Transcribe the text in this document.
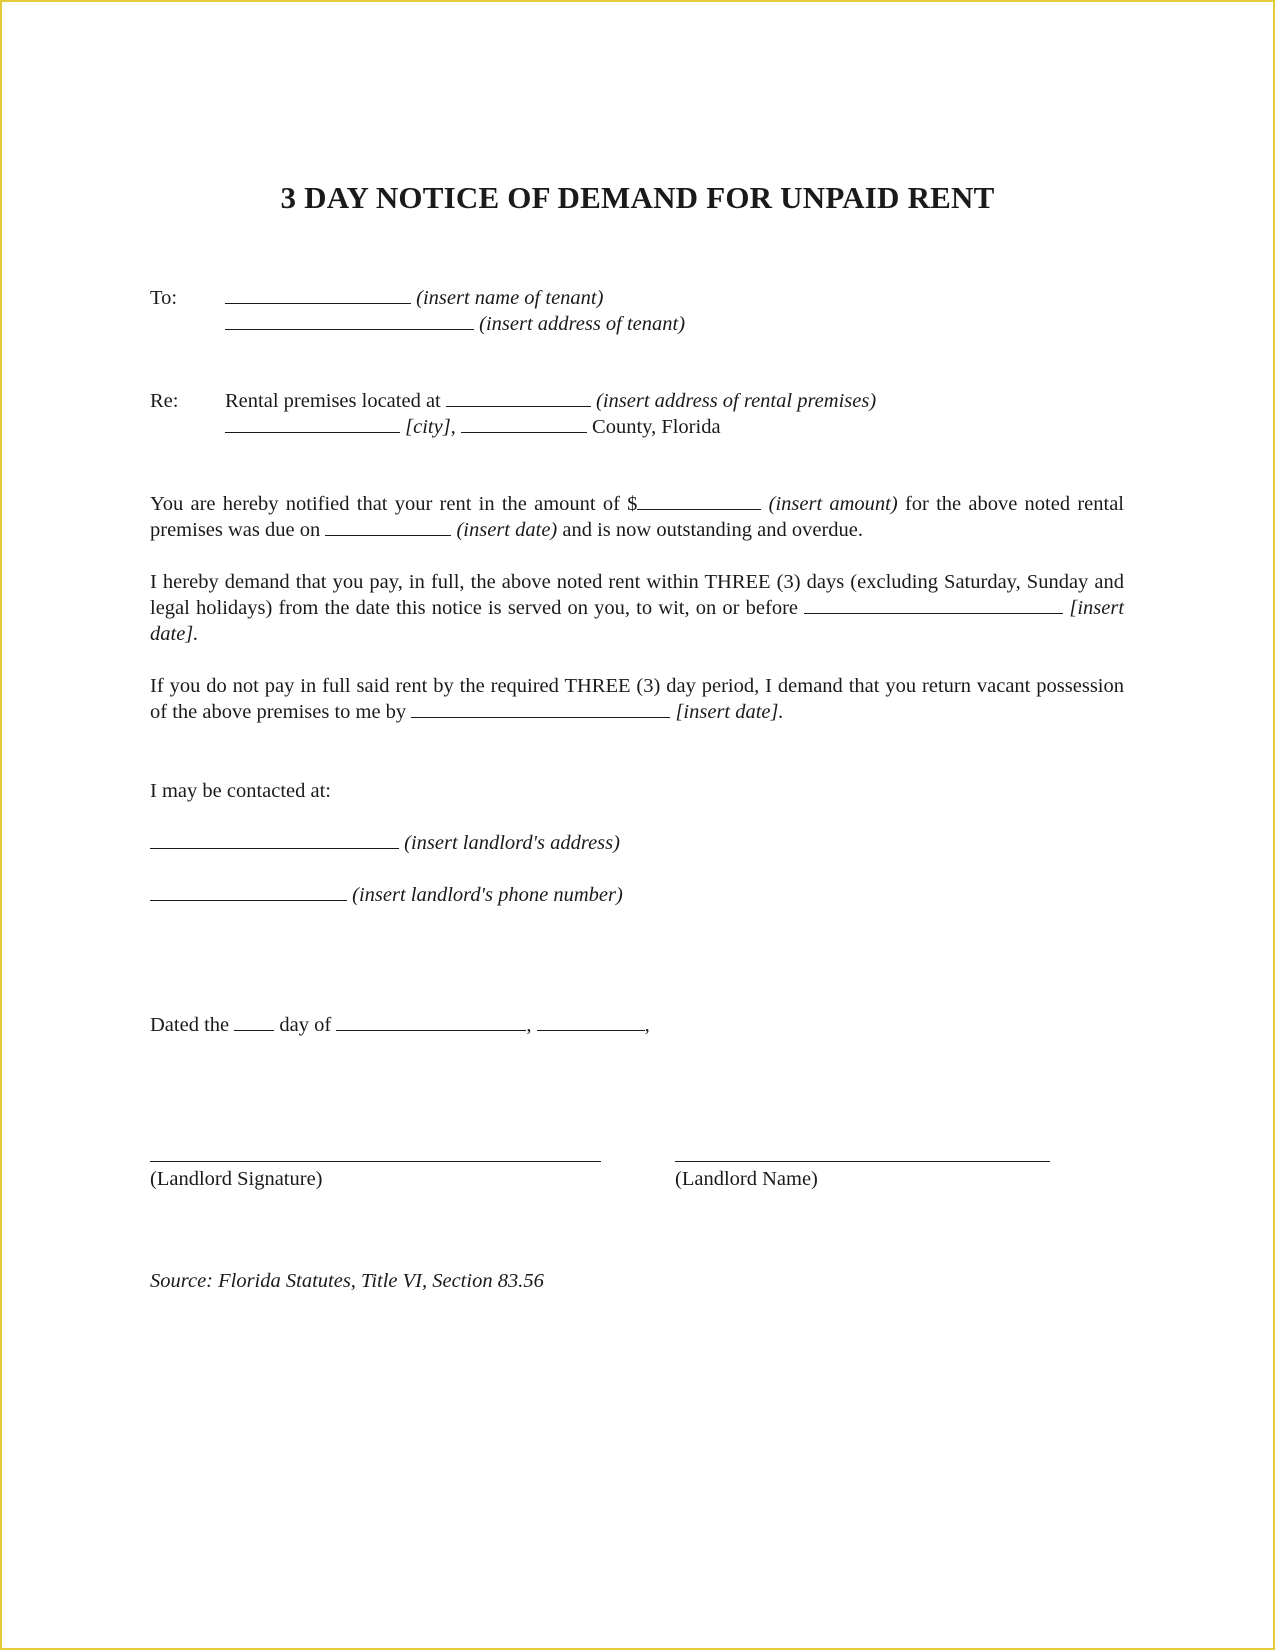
3 DAY NOTICE OF DEMAND FOR UNPAID RENT
To:	(insert name of tenant)
(insert address of tenant)
Re: Rental premises located at	(insert address of rental premises)
[city],	County, Florida

You are hereby notified that your rent in the amount of $	(insert amount) for the above noted rental premises was due on	(insert date) and is now outstanding and overdue.

I hereby demand that you pay, in full, the above noted rent within THREE (3) days (excluding Saturday, Sunday and legal holidays) from the date this notice is served on you, to wit, on or before	[insert date].

If you do not pay in full said rent by the required THREE (3) day period, I demand that you return vacant possession of the above premises to me by	[insert date].

I may be contacted at:
(insert landlord's address)
(insert landlord's phone number)
Dated the day of	,	,
(Landlord Signature)	(Landlord Name)
Source: Florida Statutes, Title VI, Section 83.56
